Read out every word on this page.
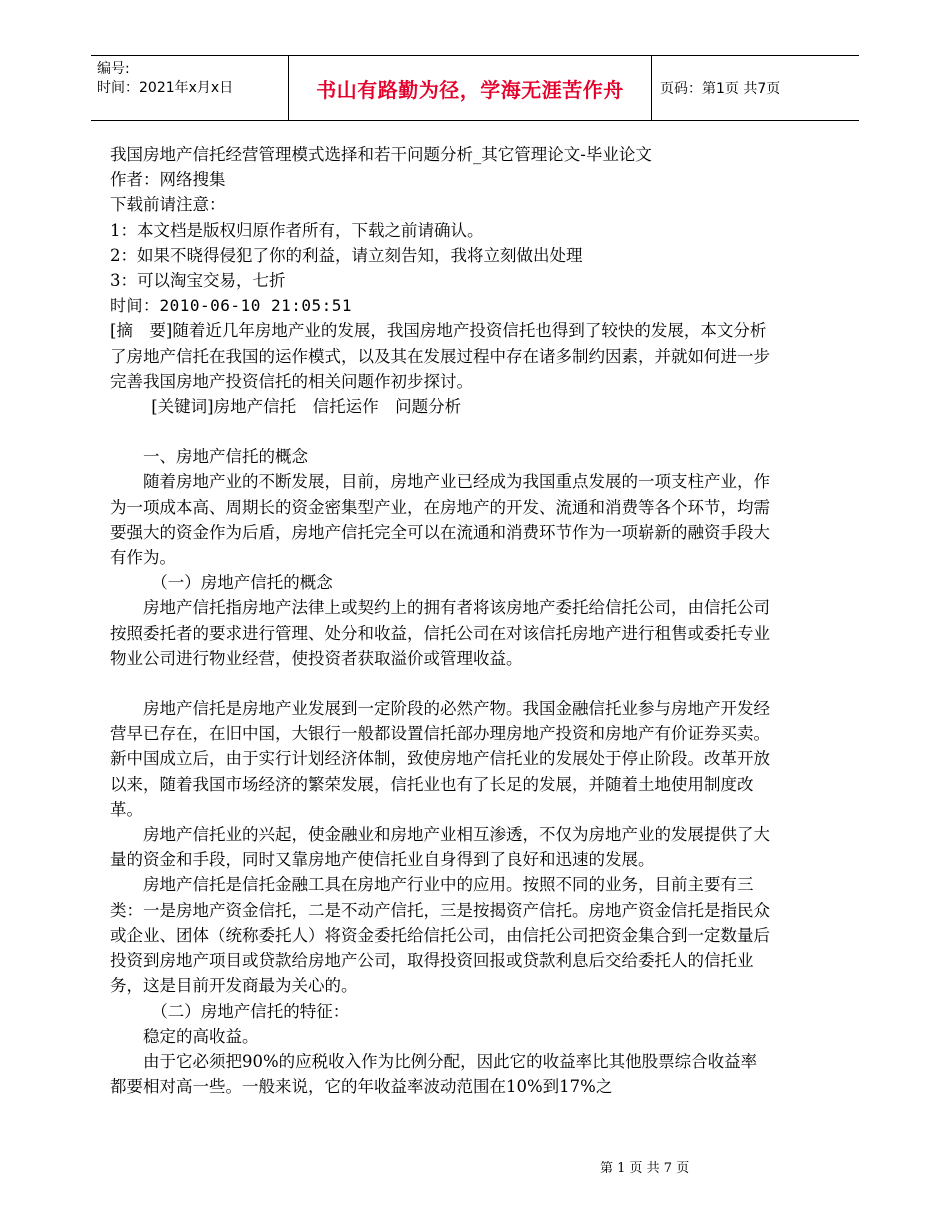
编号:
时间：2021年x月x日	书山有路勤为径，学海无涯苦作舟	页码：第1页 共7页

我国房地产信托经营管理模式选择和若干问题分析_其它管理论文-毕业论文

作者：网络搜集

下载前请注意：

1：本文档是版权归原作者所有，下载之前请确认。

2：如果不晓得侵犯了你的利益，请立刻告知，我将立刻做出处理

3：可以淘宝交易，七折

时间：2010-06-10 21:05:51

[摘　要]随着近几年房地产业的发展，我国房地产投资信托也得到了较快的发展，本文分析了房地产信托在我国的运作模式，以及其在发展过程中存在诸多制约因素，并就如何进一步完善我国房地产投资信托的相关问题作初步探讨。

[关键词]房地产信托　信托运作　问题分析

一、房地产信托的概念

随着房地产业的不断发展，目前，房地产业已经成为我国重点发展的一项支柱产业，作为一项成本高、周期长的资金密集型产业，在房地产的开发、流通和消费等各个环节，均需要强大的资金作为后盾，房地产信托完全可以在流通和消费环节作为一项崭新的融资手段大有作为。

（一）房地产信托的概念

房地产信托指房地产法律上或契约上的拥有者将该房地产委托给信托公司，由信托公司按照委托者的要求进行管理、处分和收益，信托公司在对该信托房地产进行租售或委托专业物业公司进行物业经营，使投资者获取溢价或管理收益。

房地产信托是房地产业发展到一定阶段的必然产物。我国金融信托业参与房地产开发经营早已存在，在旧中国，大银行一般都设置信托部办理房地产投资和房地产有价证券买卖。新中国成立后，由于实行计划经济体制，致使房地产信托业的发展处于停止阶段。改革开放以来，随着我国市场经济的繁荣发展，信托业也有了长足的发展，并随着土地使用制度改革。

房地产信托业的兴起，使金融业和房地产业相互渗透，不仅为房地产业的发展提供了大量的资金和手段，同时又靠房地产使信托业自身得到了良好和迅速的发展。

房地产信托是信托金融工具在房地产行业中的应用。按照不同的业务，目前主要有三类：一是房地产资金信托，二是不动产信托，三是按揭资产信托。房地产资金信托是指民众或企业、团体（统称委托人）将资金委托给信托公司，由信托公司把资金集合到一定数量后投资到房地产项目或贷款给房地产公司，取得投资回报或贷款利息后交给委托人的信托业务，这是目前开发商最为关心的。

（二）房地产信托的特征：

稳定的高收益。

由于它必须把90%的应税收入作为比例分配，因此它的收益率比其他股票综合收益率都要相对高一些。一般来说，它的年收益率波动范围在10%到17%之

第 1 页 共 7 页
